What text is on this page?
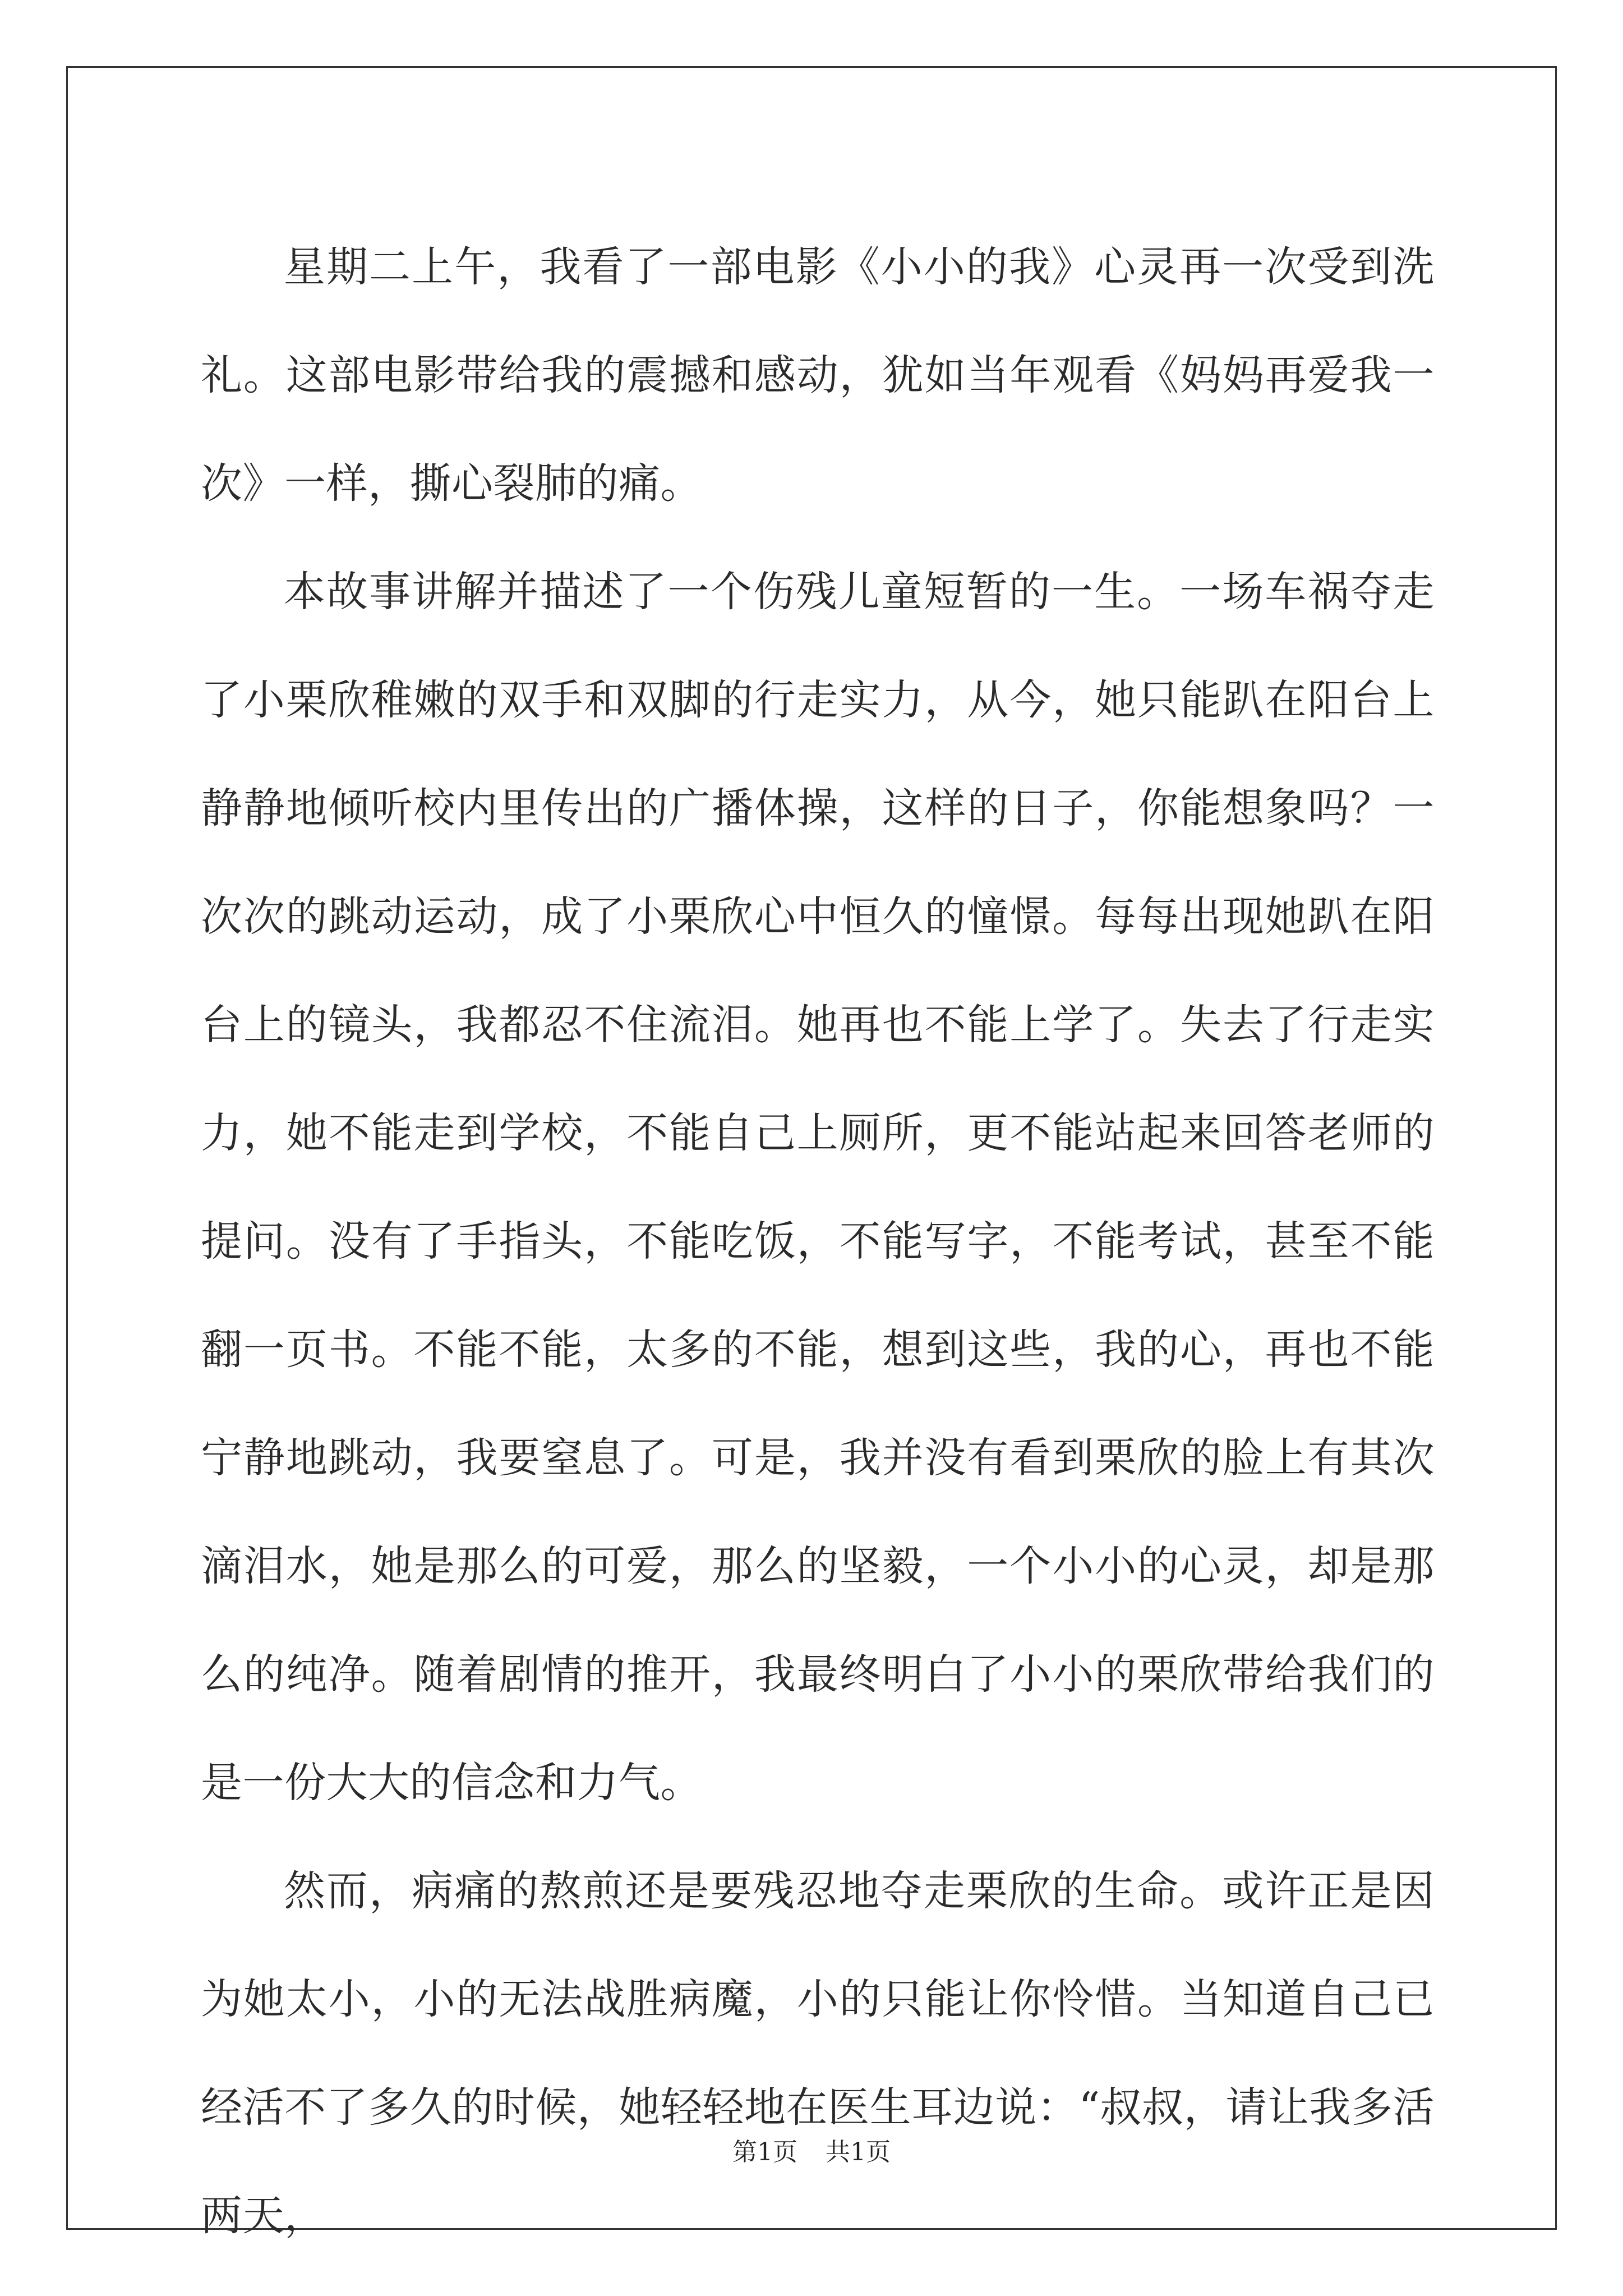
星期二上午，我看了一部电影《小小的我》心灵再一次受到洗礼。这部电影带给我的震撼和感动，犹如当年观看《妈妈再爱我一次》一样，撕心裂肺的痛。

本故事讲解并描述了一个伤残儿童短暂的一生。一场车祸夺走了小栗欣稚嫩的双手和双脚的行走实力，从今，她只能趴在阳台上静静地倾听校内里传出的广播体操，这样的日子，你能想象吗？一次次的跳动运动，成了小栗欣心中恒久的憧憬。每每出现她趴在阳台上的镜头，我都忍不住流泪。她再也不能上学了。失去了行走实力，她不能走到学校，不能自己上厕所，更不能站起来回答老师的提问。没有了手指头，不能吃饭，不能写字，不能考试，甚至不能翻一页书。不能不能，太多的不能，想到这些，我的心，再也不能宁静地跳动，我要窒息了。可是，我并没有看到栗欣的脸上有其次滴泪水，她是那么的可爱，那么的坚毅，一个小小的心灵，却是那么的纯净。随着剧情的推开，我最终明白了小小的栗欣带给我们的是一份大大的信念和力气。

然而，病痛的熬煎还是要残忍地夺走栗欣的生命。或许正是因为她太小，小的无法战胜病魔，小的只能让你怜惜。当知道自己已经活不了多久的时候，她轻轻地在医生耳边说：“叔叔，请让我多活两天，

第1页 共1页
